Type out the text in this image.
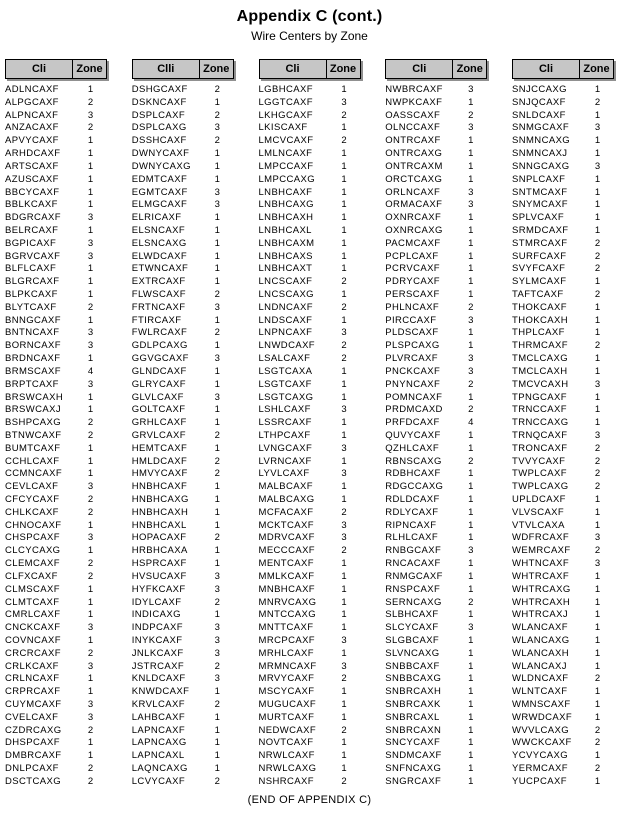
Appendix C (cont.)
Wire Centers by Zone
Cli	Zone
ADLNCAXF	1
ALPGCAXF	2
ALPNCAXF	3
ANZACAXF	2
APVYCAXF	1
ARHDCAXF	1
ARTSCAXF	1
AZUSCAXF	1
BBCYCAXF	1
BBLKCAXF	1
BDGRCAXF	3
BELRCAXF	1
BGPICAXF	3
BGRVCAXF	3
BLFLCAXF	1
BLGRCAXF	1
BLPKCAXF	1
BLYTCAXF	2
BNNGCAXF	1
BNTNCAXF	3
BORNCAXF	3
BRDNCAXF	1
BRMSCAXF	4
BRPTCAXF	3
BRSWCAXH	1
BRSWCAXJ	1
BSHPCAXG	2
BTNWCAXF	2
BUMTCAXF	1
CCHLCAXF	1
CCMNCAXF	1
CEVLCAXF	3
CFCYCAXF	2
CHLKCAXF	2
CHNOCAXF	1
CHSPCAXF	3
CLCYCAXG	1
CLEMCAXF	2
CLFXCAXF	2
CLMSCAXF	1
CLMTCAXF	1
CMRLCAXF	1
CNCKCAXF	3
COVNCAXF	1
CRCRCAXF	2
CRLKCAXF	3
CRLNCAXF	1
CRPRCAXF	1
CUYMCAXF	3
CVELCAXF	3
CZDRCAXG	2
DHSPCAXF	1
DMBRCAXF	1
DNLPCAXF	2
DSCTCAXG	2
Clli	Zone
DSHGCAXF	2
DSKNCAXF	1
DSPLCAXF	2
DSPLCAXG	3
DSSHCAXF	2
DWNYCAXF	1
DWNYCAXG	1
EDMTCAXF	1
EGMTCAXF	3
ELMGCAXF	3
ELRICAXF	1
ELSNCAXF	1
ELSNCAXG	1
ELWDCAXF	1
ETWNCAXF	1
EXTRCAXF	1
FLWSCAXF	2
FRTNCAXF	3
FTIRCAXF	1
FWLRCAXF	2
GDLPCAXG	1
GGVGCAXF	3
GLNDCAXF	1
GLRYCAXF	1
GLVLCAXF	3
GOLTCAXF	1
GRHLCAXF	1
GRVLCAXF	2
HEMTCAXF	1
HMLDCAXF	2
HMVYCAXF	2
HNBHCAXF	1
HNBHCAXG	1
HNBHCAXH	1
HNBHCAXL	1
HOPACAXF	2
HRBHCAXA	1
HSPRCAXF	1
HVSUCAXF	3
HYFKCAXF	3
IDYLCAXF	2
INDICAXG	1
INDPCAXF	3
INYKCAXF	3
JNLKCAXF	3
JSTRCAXF	2
KNLDCAXF	3
KNWDCAXF	1
KRVLCAXF	2
LAHBCAXF	1
LAPNCAXF	1
LAPNCAXG	1
LAPNCAXL	1
LAQNCAXG	1
LCVYCAXF	2
Cli	Zone
LGBHCAXF	1
LGGTCAXF	3
LKHGCAXF	2
LKISCAXF	1
LMCVCAXF	2
LMLNCAXF	1
LMPCCAXF	1
LMPCCAXG	1
LNBHCAXF	1
LNBHCAXG	1
LNBHCAXH	1
LNBHCAXL	1
LNBHCAXM	1
LNBHCAXS	1
LNBHCAXT	1
LNCSCAXF	2
LNCSCAXG	1
LNDNCAXF	2
LNDSCAXF	1
LNPNCAXF	3
LNWDCAXF	2
LSALCAXF	2
LSGTCAXA	1
LSGTCAXF	1
LSGTCAXG	1
LSHLCAXF	3
LSSRCAXF	1
LTHPCAXF	1
LVNGCAXF	3
LVRNCAXF	1
LYVLCAXF	3
MALBCAXF	1
MALBCAXG	1
MCFACAXF	2
MCKTCAXF	3
MDRVCAXF	3
MECCCAXF	2
MENTCAXF	1
MMLKCAXF	1
MNBHCAXF	1
MNRVCAXG	1
MNTCCAXG	1
MNTTCAXF	1
MRCPCAXF	3
MRHLCAXF	1
MRMNCAXF	3
MRVYCAXF	2
MSCYCAXF	1
MUGUCAXF	1
MURTCAXF	1
NEDWCAXF	2
NOVTCAXF	1
NRWLCAXF	1
NRWLCAXG	1
NSHRCAXF	2
Cli	Zone
NWBRCAXF	3
NWPKCAXF	1
OASSCAXF	2
OLNCCAXF	3
ONTRCAXF	1
ONTRCAXG	1
ONTRCAXM	1
ORCTCAXG	1
ORLNCAXF	3
ORMACAXF	3
OXNRCAXF	1
OXNRCAXG	1
PACMCAXF	1
PCPLCAXF	1
PCRVCAXF	1
PDRYCAXF	1
PERSCAXF	1
PHLNCAXF	2
PIRCCAXF	3
PLDSCAXF	1
PLSPCAXG	1
PLVRCAXF	3
PNCKCAXF	3
PNYNCAXF	2
POMNCAXF	1
PRDMCAXD	2
PRFDCAXF	4
QUVYCAXF	1
QZHLCAXF	1
RBNSCAXG	2
RDBHCAXF	1
RDGCCAXG	1
RDLDCAXF	1
RDLYCAXF	1
RIPNCAXF	1
RLHLCAXF	1
RNBGCAXF	3
RNCACAXF	1
RNMGCAXF	1
RNSPCAXF	1
SERNCAXG	2
SLBHCAXF	1
SLCYCAXF	3
SLGBCAXF	1
SLVNCAXG	1
SNBBCAXF	1
SNBBCAXG	1
SNBRCAXH	1
SNBRCAXK	1
SNBRCAXL	1
SNBRCAXN	1
SNCYCAXF	1
SNDMCAXF	1
SNFNCAXG	1
SNGRCAXF	1
Cli	Zone
SNJCCAXG	1
SNJQCAXF	2
SNLDCAXF	1
SNMGCAXF	3
SNMNCAXG	1
SNMNCAXJ	1
SNNGCAXG	3
SNPLCAXF	1
SNTMCAXF	1
SNYMCAXF	1
SPLVCAXF	1
SRMDCAXF	1
STMRCAXF	2
SURFCAXF	2
SVYFCAXF	2
SYLMCAXF	1
TAFTCAXF	2
THOKCAXF	1
THOKCAXH	1
THPLCAXF	1
THRMCAXF	2
TMCLCAXG	1
TMCLCAXH	1
TMCVCAXH	3
TPNGCAXF	1
TRNCCAXF	1
TRNCCAXG	1
TRNQCAXF	3
TRONCAXF	2
TVVYCAXF	2
TWPLCAXF	2
TWPLCAXG	2
UPLDCAXF	1
VLVSCAXF	1
VTVLCAXA	1
WDFRCAXF	3
WEMRCAXF	2
WHTNCAXF	3
WHTRCAXF	1
WHTRCAXG	1
WHTRCAXH	1
WHTRCAXJ	1
WLANCAXF	1
WLANCAXG	1
WLANCAXH	1
WLANCAXJ	1
WLDNCAXF	2
WLNTCAXF	1
WMNSCAXF	1
WRWDCAXF	1
WVVLCAXG	2
WWCKCAXF	2
YCVYCAXG	1
YERMCAXF	2
YUCPCAXF	1
(END OF APPENDIX C)
